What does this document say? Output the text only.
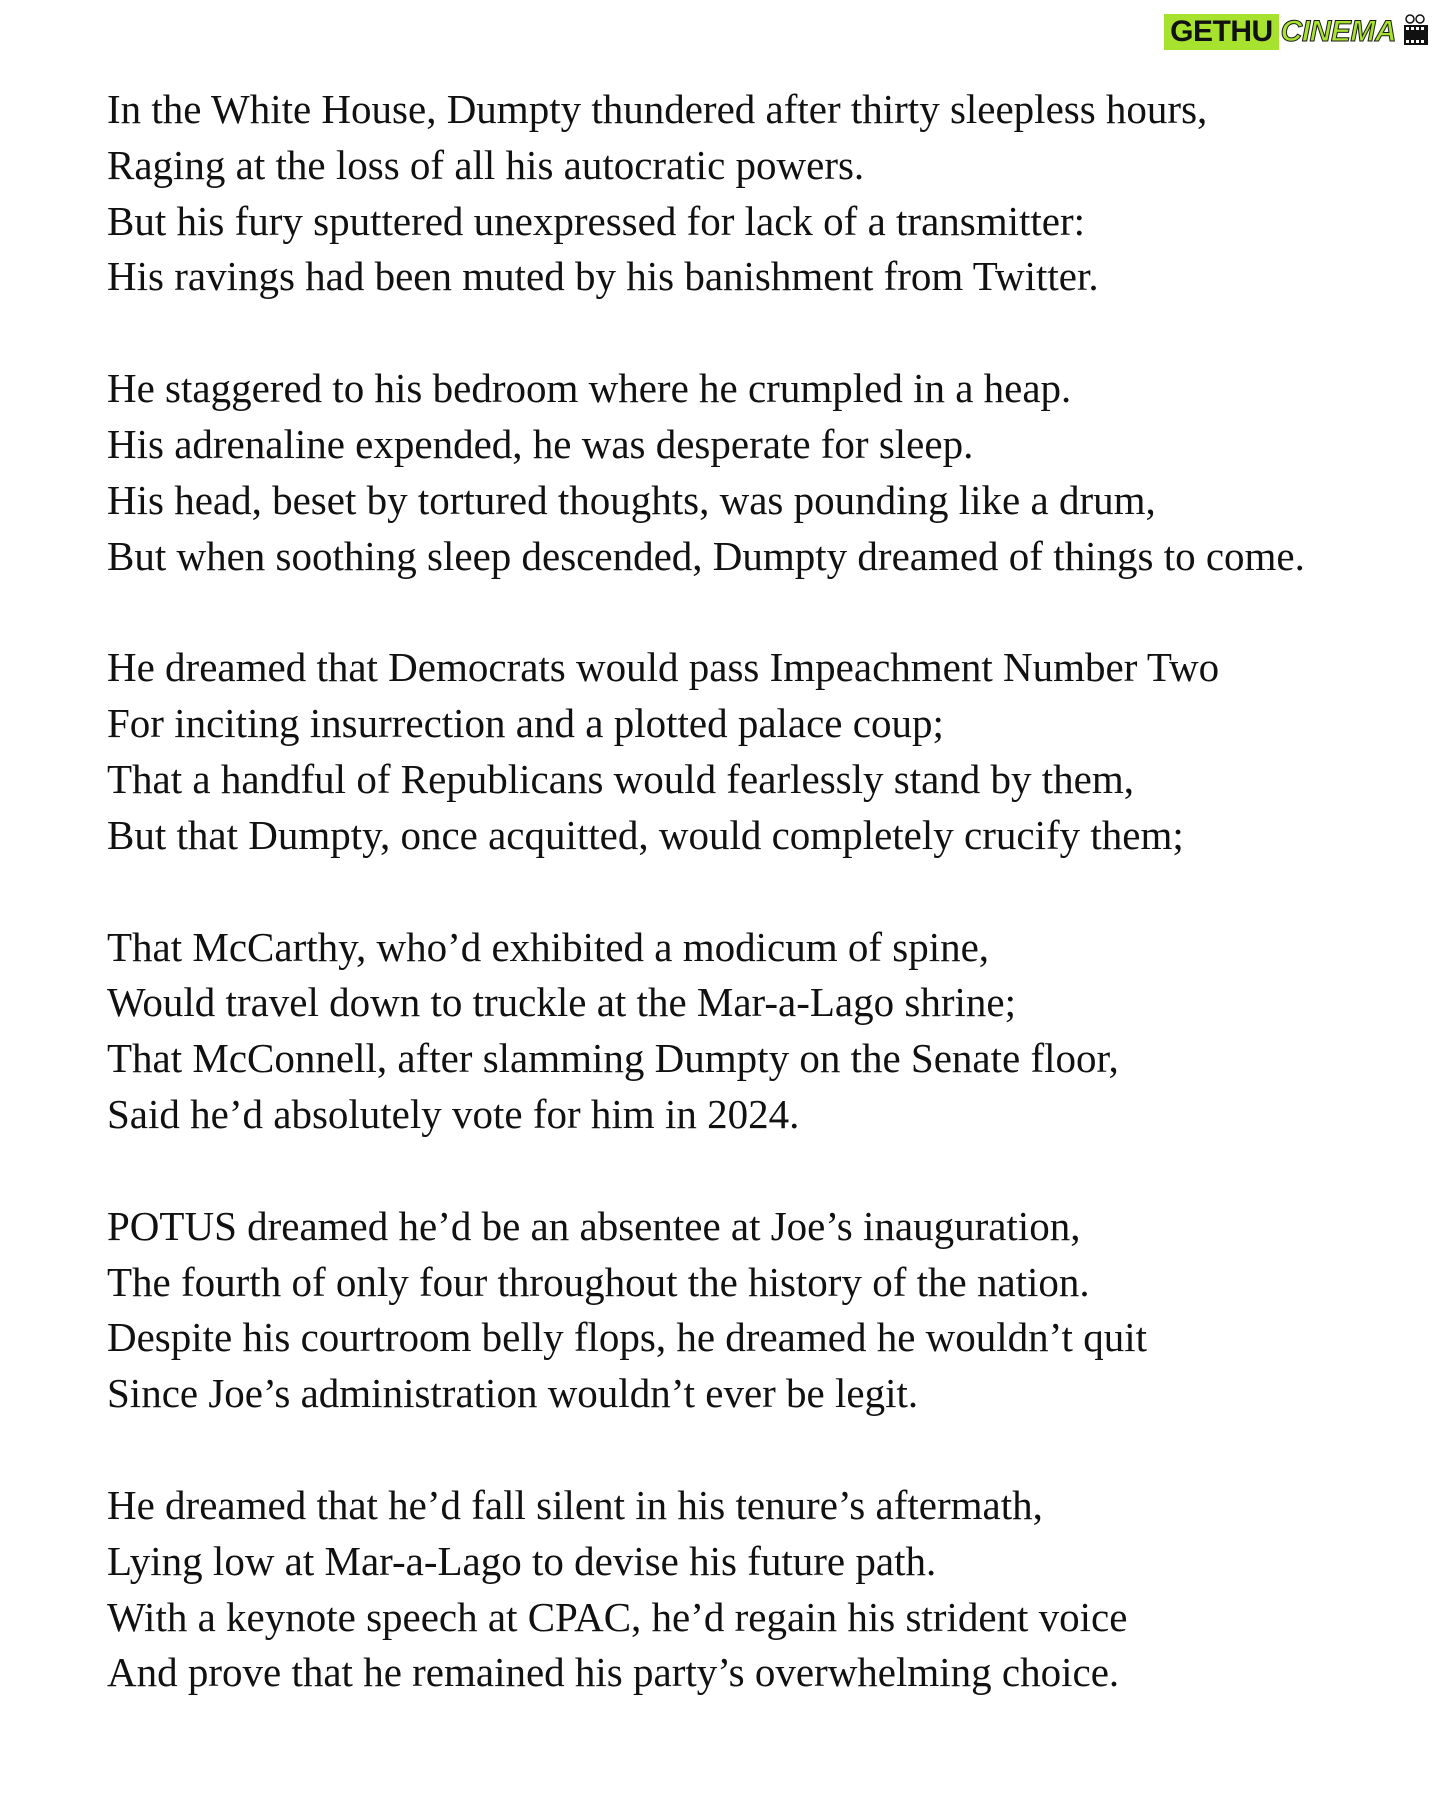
GETHU CINEMA
In the White House, Dumpty thundered after thirty sleepless hours,
Raging at the loss of all his autocratic powers.
But his fury sputtered unexpressed for lack of a transmitter:
His ravings had been muted by his banishment from Twitter.
He staggered to his bedroom where he crumpled in a heap.
His adrenaline expended, he was desperate for sleep.
His head, beset by tortured thoughts, was pounding like a drum,
But when soothing sleep descended, Dumpty dreamed of things to come.
He dreamed that Democrats would pass Impeachment Number Two
For inciting insurrection and a plotted palace coup;
That a handful of Republicans would fearlessly stand by them,
But that Dumpty, once acquitted, would completely crucify them;
That McCarthy, who’d exhibited a modicum of spine,
Would travel down to truckle at the Mar-a-Lago shrine;
That McConnell, after slamming Dumpty on the Senate floor,
Said he’d absolutely vote for him in 2024.
POTUS dreamed he’d be an absentee at Joe’s inauguration,
The fourth of only four throughout the history of the nation.
Despite his courtroom belly flops, he dreamed he wouldn’t quit
Since Joe’s administration wouldn’t ever be legit.
He dreamed that he’d fall silent in his tenure’s aftermath,
Lying low at Mar-a-Lago to devise his future path.
With a keynote speech at CPAC, he’d regain his strident voice
And prove that he remained his party’s overwhelming choice.
